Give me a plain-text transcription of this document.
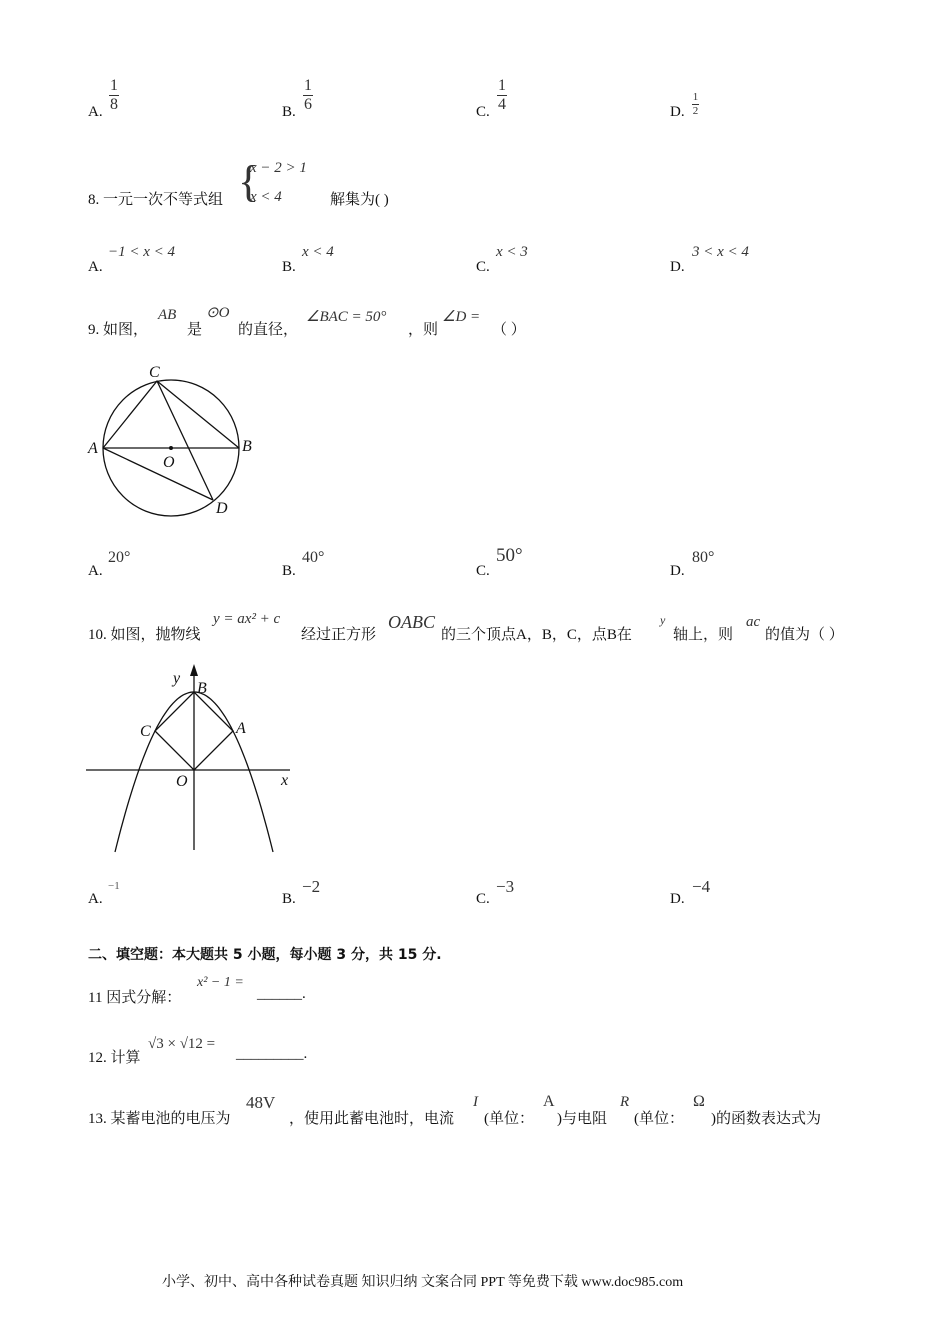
A.
1
8	B.
1
6	C.
1
4	D.
1
2
8. 一元一次不等式组 {
x − 2 > 1
x < 4	解集为( )
A.
−1 < x < 4
B.
x < 4
C.
x < 3
D.
3 < x < 4
9. 如图，
AB
是
⊙O
的直径，
∠BAC = 50°
，则
∠D =
（ ）
A	B
C
D
O
A.
20°
B.
40°
C.
50°
D.
80°
10. 如图，抛物线
y = ax² + c
经过正方形
OABC
的三个顶点A，B，C，点B在
y
轴上，则
ac
的值为（ ）
y
B
A
C
O	x
A.
−1
B.
−2
C.
−3
D.
−4
二、填空题：本大题共 5 小题，每小题 3 分，共 15 分.
11 因式分解：
x² − 1 =
______.
12. 计算
√3 × √12 =
_________.
13. 某蓄电池的电压为
48V
，使用此蓄电池时，电流
I
(单位：
A
)与电阻
R
(单位：
Ω
)的函数表达式为
小学、初中、高中各种试卷真题 知识归纳 文案合同 PPT 等免费下载 www.doc985.com
